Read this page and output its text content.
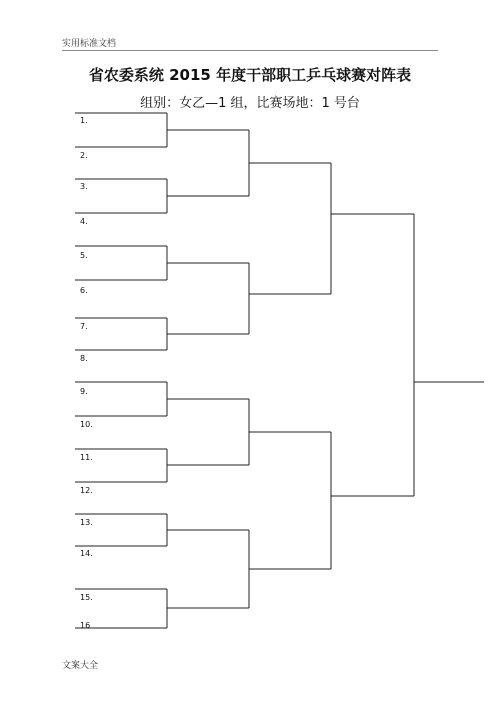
实用标准文档
省农委系统 2015 年度干部职工乒乓球赛对阵表
组别：女乙—1 组，比赛场地：1 号台
1.
2.
3.
4.
5.
6.
7.
8.
9.
10.
11.
12.
13.
14.
15.
16
文案大全
